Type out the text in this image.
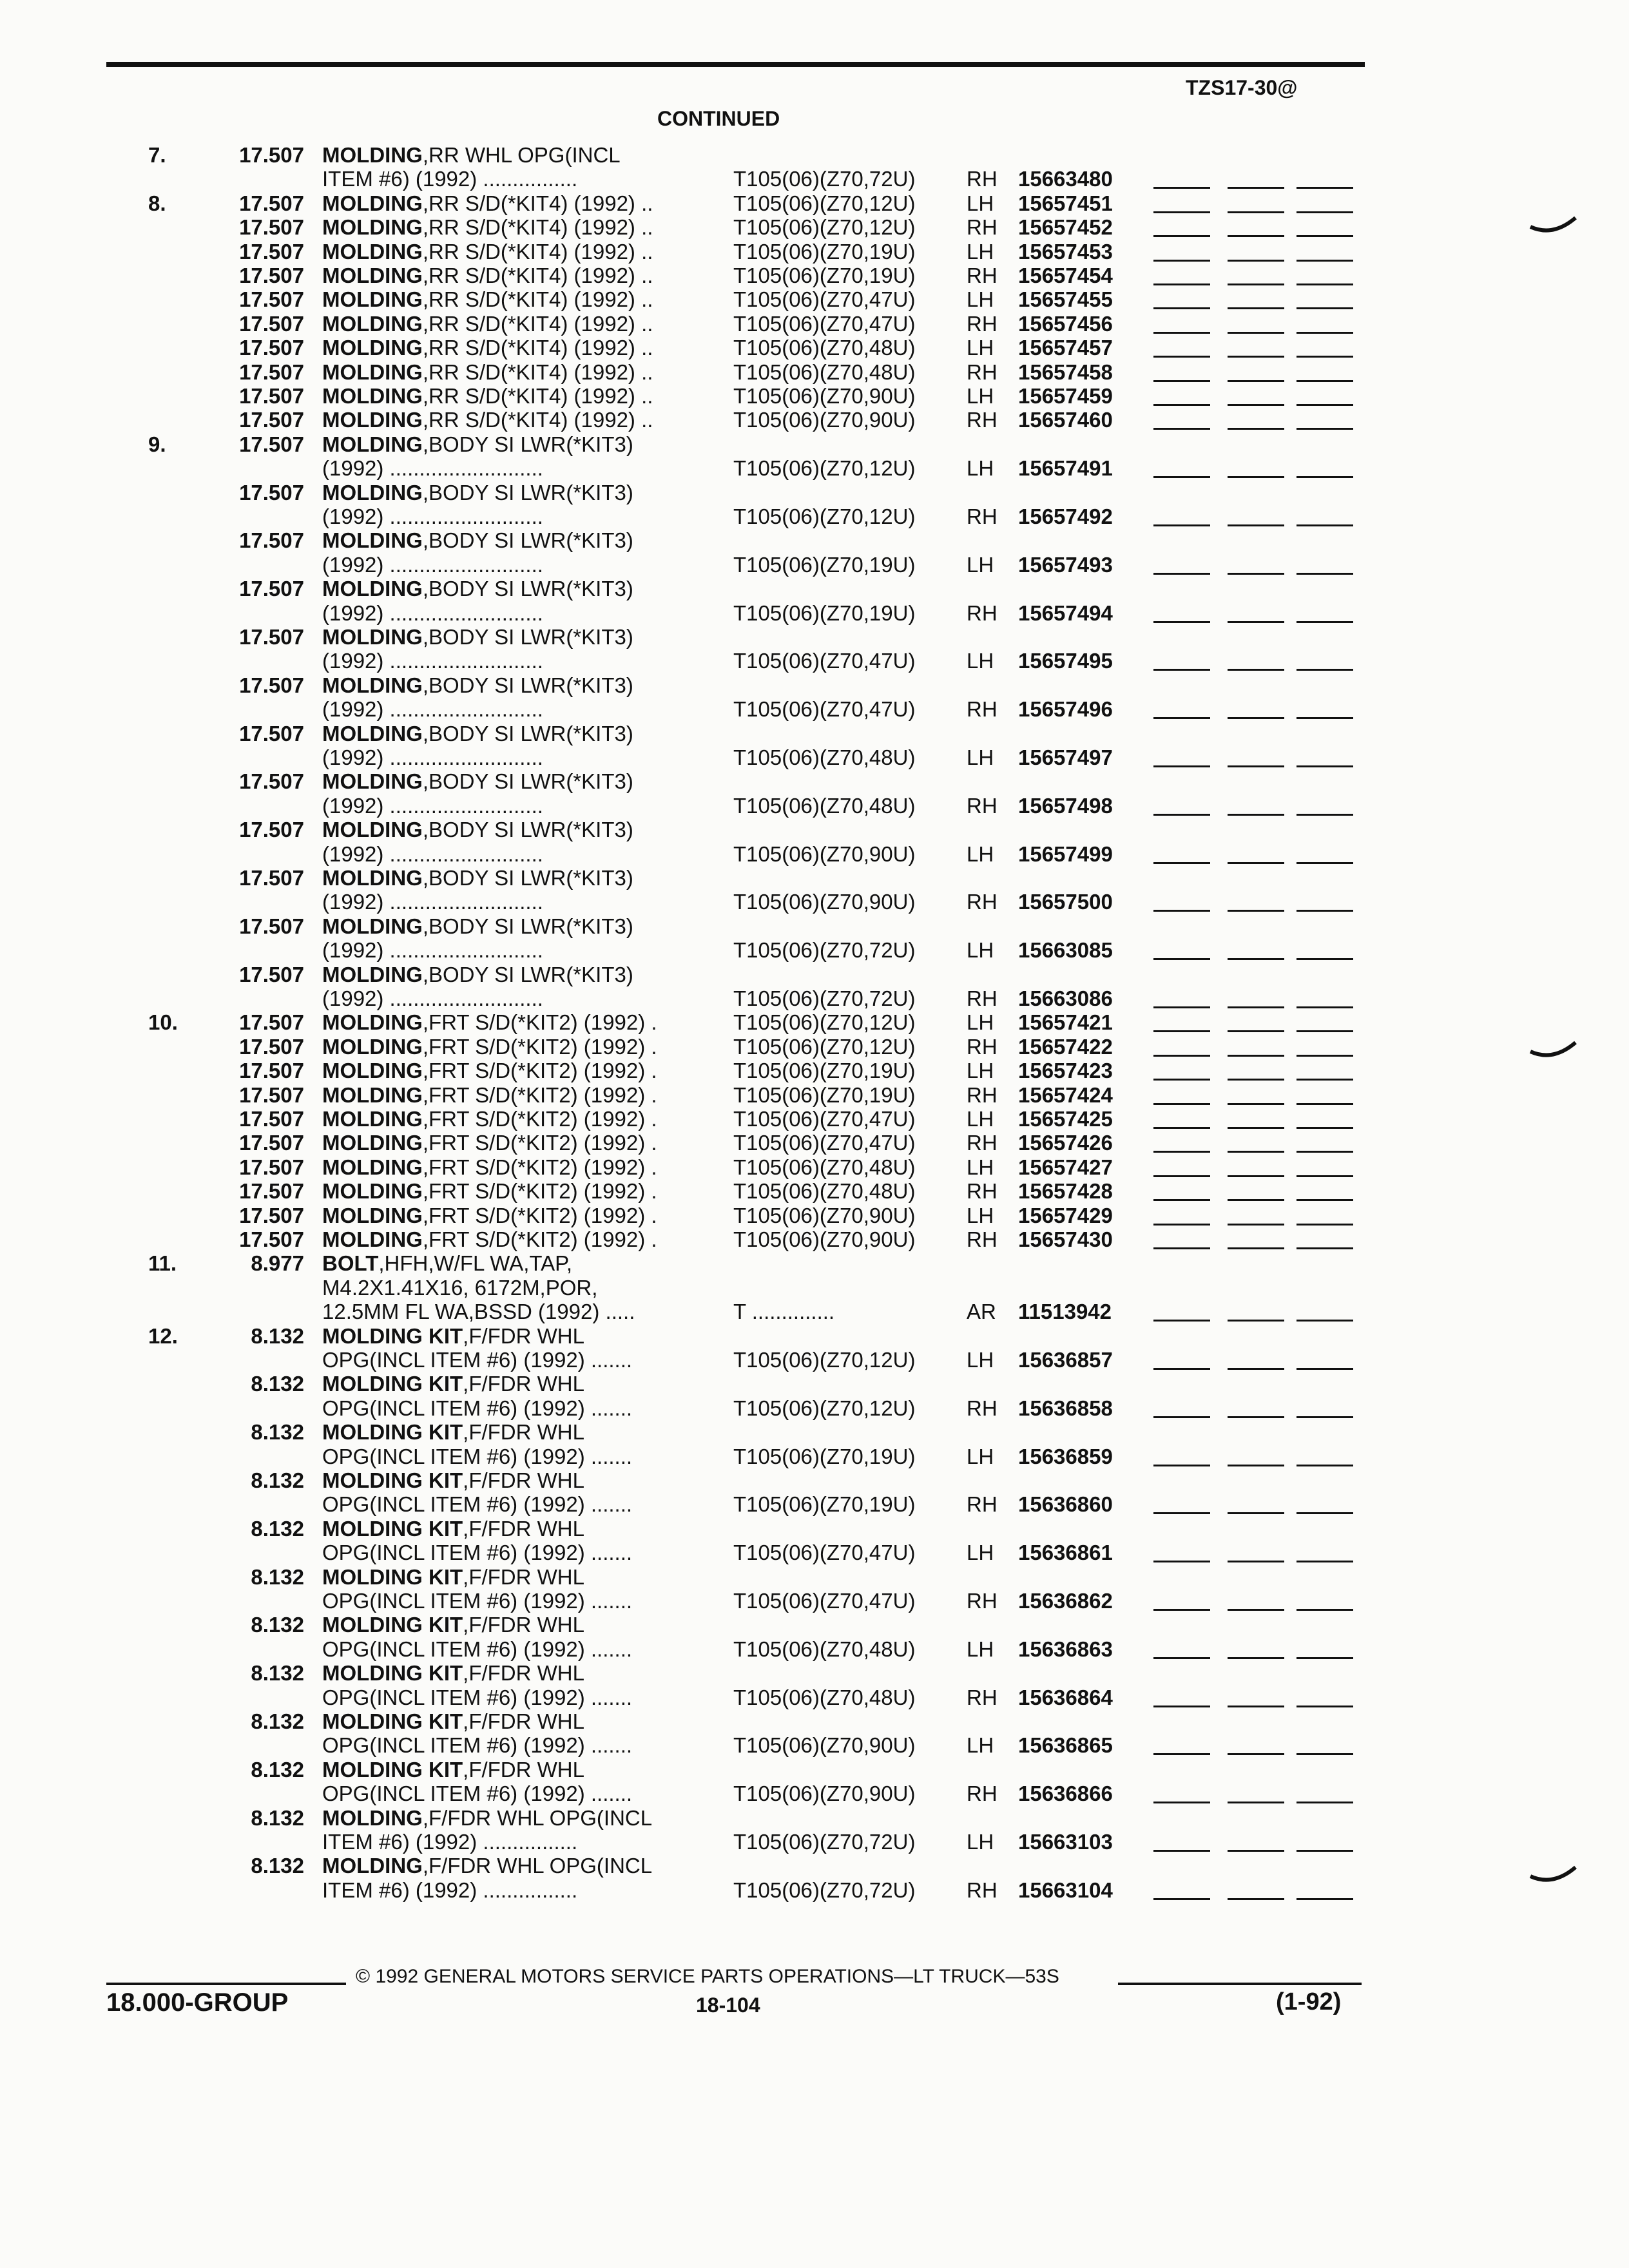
TZS17-30@
CONTINUED
7.	17.507 MOLDING,RR WHL OPG(INCL
ITEM #6) (1992) ................	T105(06)(Z70,72U) RH 15663480
8.	17.507 MOLDING,RR S/D(*KIT4) (1992) ..	T105(06)(Z70,12U) LH 15657451
17.507 MOLDING,RR S/D(*KIT4) (1992) ..	T105(06)(Z70,12U) RH 15657452
17.507 MOLDING,RR S/D(*KIT4) (1992) ..	T105(06)(Z70,19U) LH 15657453
17.507 MOLDING,RR S/D(*KIT4) (1992) ..	T105(06)(Z70,19U) RH 15657454
17.507 MOLDING,RR S/D(*KIT4) (1992) ..	T105(06)(Z70,47U) LH 15657455
17.507 MOLDING,RR S/D(*KIT4) (1992) ..	T105(06)(Z70,47U) RH 15657456
17.507 MOLDING,RR S/D(*KIT4) (1992) ..	T105(06)(Z70,48U) LH 15657457
17.507 MOLDING,RR S/D(*KIT4) (1992) ..	T105(06)(Z70,48U) RH 15657458
17.507 MOLDING,RR S/D(*KIT4) (1992) ..	T105(06)(Z70,90U) LH 15657459
17.507 MOLDING,RR S/D(*KIT4) (1992) ..	T105(06)(Z70,90U) RH 15657460
9.	17.507 MOLDING,BODY SI LWR(*KIT3)
(1992) ..........................	T105(06)(Z70,12U) LH 15657491
17.507 MOLDING,BODY SI LWR(*KIT3)
(1992) ..........................	T105(06)(Z70,12U) RH 15657492
17.507 MOLDING,BODY SI LWR(*KIT3)
(1992) ..........................	T105(06)(Z70,19U) LH 15657493
17.507 MOLDING,BODY SI LWR(*KIT3)
(1992) ..........................	T105(06)(Z70,19U) RH 15657494
17.507 MOLDING,BODY SI LWR(*KIT3)
(1992) ..........................	T105(06)(Z70,47U) LH 15657495
17.507 MOLDING,BODY SI LWR(*KIT3)
(1992) ..........................	T105(06)(Z70,47U) RH 15657496
17.507 MOLDING,BODY SI LWR(*KIT3)
(1992) ..........................	T105(06)(Z70,48U) LH 15657497
17.507 MOLDING,BODY SI LWR(*KIT3)
(1992) ..........................	T105(06)(Z70,48U) RH 15657498
17.507 MOLDING,BODY SI LWR(*KIT3)
(1992) ..........................	T105(06)(Z70,90U) LH 15657499
17.507 MOLDING,BODY SI LWR(*KIT3)
(1992) ..........................	T105(06)(Z70,90U) RH 15657500
17.507 MOLDING,BODY SI LWR(*KIT3)
(1992) ..........................	T105(06)(Z70,72U) LH 15663085
17.507 MOLDING,BODY SI LWR(*KIT3)
(1992) ..........................	T105(06)(Z70,72U) RH 15663086
10.	17.507 MOLDING,FRT S/D(*KIT2) (1992) .	T105(06)(Z70,12U) LH 15657421
17.507 MOLDING,FRT S/D(*KIT2) (1992) .	T105(06)(Z70,12U) RH 15657422
17.507 MOLDING,FRT S/D(*KIT2) (1992) .	T105(06)(Z70,19U) LH 15657423
17.507 MOLDING,FRT S/D(*KIT2) (1992) .	T105(06)(Z70,19U) RH 15657424
17.507 MOLDING,FRT S/D(*KIT2) (1992) .	T105(06)(Z70,47U) LH 15657425
17.507 MOLDING,FRT S/D(*KIT2) (1992) .	T105(06)(Z70,47U) RH 15657426
17.507 MOLDING,FRT S/D(*KIT2) (1992) .	T105(06)(Z70,48U) LH 15657427
17.507 MOLDING,FRT S/D(*KIT2) (1992) .	T105(06)(Z70,48U) RH 15657428
17.507 MOLDING,FRT S/D(*KIT2) (1992) .	T105(06)(Z70,90U) LH 15657429
17.507 MOLDING,FRT S/D(*KIT2) (1992) .	T105(06)(Z70,90U) RH 15657430
11.	8.977 BOLT,HFH,W/FL WA,TAP,
M4.2X1.41X16, 6172M,POR,
12.5MM FL WA,BSSD (1992) .....	T ..............	AR 11513942
12.	8.132 MOLDING KIT,F/FDR WHL
OPG(INCL ITEM #6) (1992) .......	T105(06)(Z70,12U) LH 15636857
8.132 MOLDING KIT,F/FDR WHL
OPG(INCL ITEM #6) (1992) .......	T105(06)(Z70,12U) RH 15636858
8.132 MOLDING KIT,F/FDR WHL
OPG(INCL ITEM #6) (1992) .......	T105(06)(Z70,19U) LH 15636859
8.132 MOLDING KIT,F/FDR WHL
OPG(INCL ITEM #6) (1992) .......	T105(06)(Z70,19U) RH 15636860
8.132 MOLDING KIT,F/FDR WHL
OPG(INCL ITEM #6) (1992) .......	T105(06)(Z70,47U) LH 15636861
8.132 MOLDING KIT,F/FDR WHL
OPG(INCL ITEM #6) (1992) .......	T105(06)(Z70,47U) RH 15636862
8.132 MOLDING KIT,F/FDR WHL
OPG(INCL ITEM #6) (1992) .......	T105(06)(Z70,48U) LH 15636863
8.132 MOLDING KIT,F/FDR WHL
OPG(INCL ITEM #6) (1992) .......	T105(06)(Z70,48U) RH 15636864
8.132 MOLDING KIT,F/FDR WHL
OPG(INCL ITEM #6) (1992) .......	T105(06)(Z70,90U) LH 15636865
8.132 MOLDING KIT,F/FDR WHL
OPG(INCL ITEM #6) (1992) .......	T105(06)(Z70,90U) RH 15636866
8.132 MOLDING,F/FDR WHL OPG(INCL
ITEM #6) (1992) ................	T105(06)(Z70,72U) LH 15663103
8.132 MOLDING,F/FDR WHL OPG(INCL
ITEM #6) (1992) ................	T105(06)(Z70,72U) RH 15663104
© 1992 GENERAL MOTORS SERVICE PARTS OPERATIONS—LT TRUCK—53S
18.000-GROUP	18-104	(1-92)
